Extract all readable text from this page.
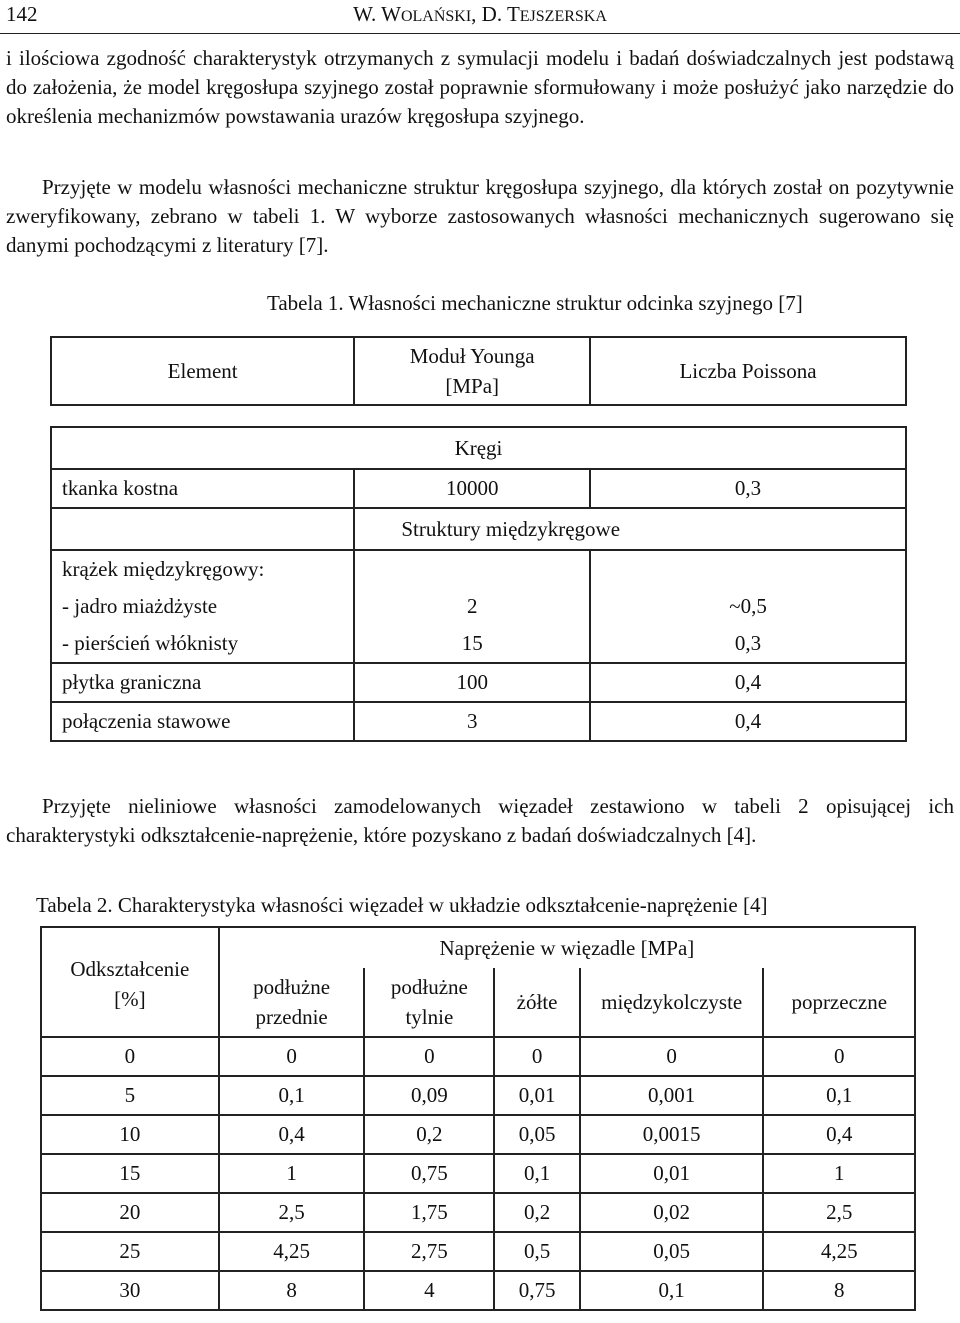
142	W. WOLAŃSKI, D. TEJSZERSKA
i ilościowa zgodność charakterystyk otrzymanych z symulacji modelu i badań doświadczalnych jest podstawą do założenia, że model kręgosłupa szyjnego został poprawnie sformułowany i może posłużyć jako narzędzie do określenia mechanizmów powstawania urazów kręgosłupa szyjnego.
Przyjęte w modelu własności mechaniczne struktur kręgosłupa szyjnego, dla których został on pozytywnie zweryfikowany, zebrano w tabeli 1. W wyborze zastosowanych własności mechanicznych sugerowano się danymi pochodzącymi z literatury [7].
Tabela 1. Własności mechaniczne struktur odcinka szyjnego [7]
Element	Moduł Younga [MPa]	Liczba Poissona

Kręgi		
tkanka kostna	10000	0,3
	Struktury międzykręgowe	
krążek międzykręgowy:		
- jadro miażdżyste	2	~0,5
- pierścień włóknisty	15	0,3
płytka graniczna	100	0,4
połączenia stawowe	3	0,4
Przyjęte nieliniowe własności zamodelowanych więzadeł zestawiono w tabeli 2 opisującej ich charakterystyki odkształcenie-naprężenie, które pozyskano z badań doświadczalnych [4].
Tabela 2. Charakterystyka własności więzadeł w układzie odkształcenie-naprężenie [4]
Odkształcenie [%]	Naprężenie w więzadle [MPa]				
	podłużne przednie	podłużne tylnie	żółte	międzykolczyste	poprzeczne
0	0	0	0	0	0
5	0,1	0,09	0,01	0,001	0,1
10	0,4	0,2	0,05	0,0015	0,4
15	1	0,75	0,1	0,01	1
20	2,5	1,75	0,2	0,02	2,5
25	4,25	2,75	0,5	0,05	4,25
30	8	4	0,75	0,1	8
